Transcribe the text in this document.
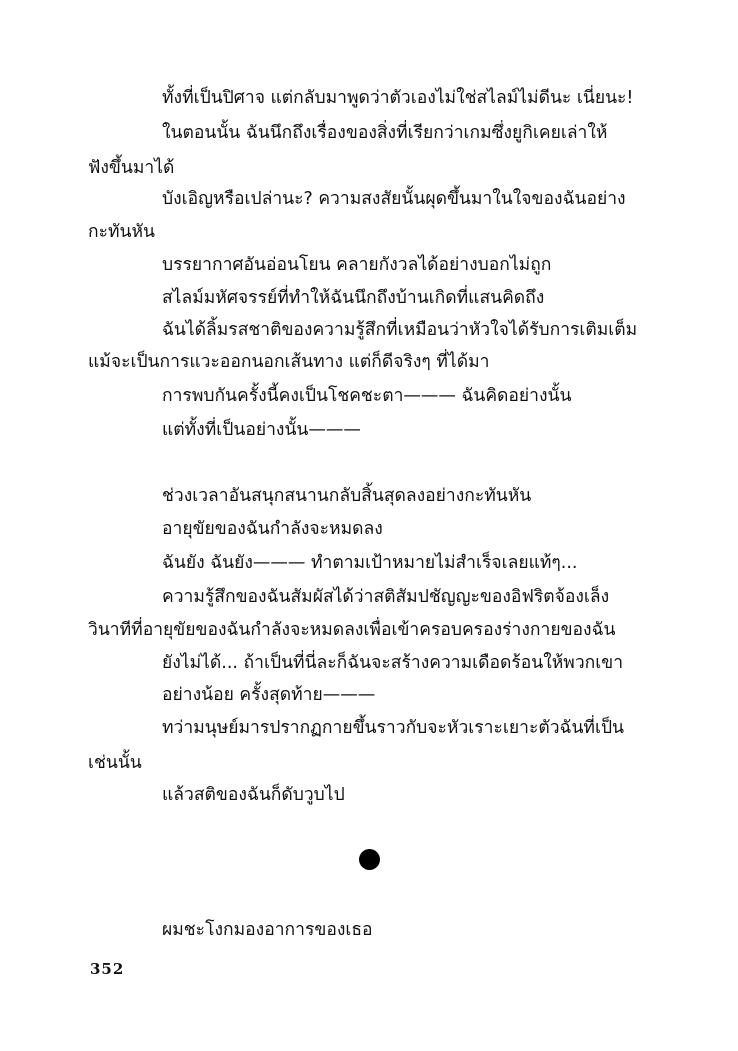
ทั้งที่เป็นปิศาจ แต่กลับมาพูดว่าตัวเองไม่ใช่สไลม์ไม่ดีนะ เนี่ยนะ!
ในตอนนั้น ฉันนึกถึงเรื่องของสิ่งที่เรียกว่าเกมซึ่งยูกิเคยเล่าให้
ฟังขึ้นมาได้
บังเอิญหรือเปล่านะ? ความสงสัยนั้นผุดขึ้นมาในใจของฉันอย่าง
กะทันหัน
บรรยากาศอันอ่อนโยน คลายกังวลได้อย่างบอกไม่ถูก
สไลม์มหัศจรรย์ที่ทำให้ฉันนึกถึงบ้านเกิดที่แสนคิดถึง
ฉันได้ลิ้มรสชาติของความรู้สึกที่เหมือนว่าหัวใจได้รับการเติมเต็ม
แม้จะเป็นการแวะออกนอกเส้นทาง แต่ก็ดีจริงๆ ที่ได้มา
การพบกันครั้งนี้คงเป็นโชคชะตา——— ฉันคิดอย่างนั้น
แต่ทั้งที่เป็นอย่างนั้น———
ช่วงเวลาอันสนุกสนานกลับสิ้นสุดลงอย่างกะทันหัน
อายุขัยของฉันกำลังจะหมดลง
ฉันยัง ฉันยัง——— ทำตามเป้าหมายไม่สำเร็จเลยแท้ๆ...
ความรู้สึกของฉันสัมผัสได้ว่าสติสัมปชัญญะของอิฟริตจ้องเล็ง
วินาทีที่อายุขัยของฉันกำลังจะหมดลงเพื่อเข้าครอบครองร่างกายของฉัน
ยังไม่ได้... ถ้าเป็นที่นี่ละก็ฉันจะสร้างความเดือดร้อนให้พวกเขา
อย่างน้อย ครั้งสุดท้าย———
ทว่ามนุษย์มารปรากฏกายขึ้นราวกับจะหัวเราะเยาะตัวฉันที่เป็น
เช่นนั้น
แล้วสติของฉันก็ดับวูบไป
ผมชะโงกมองอาการของเธอ
352
